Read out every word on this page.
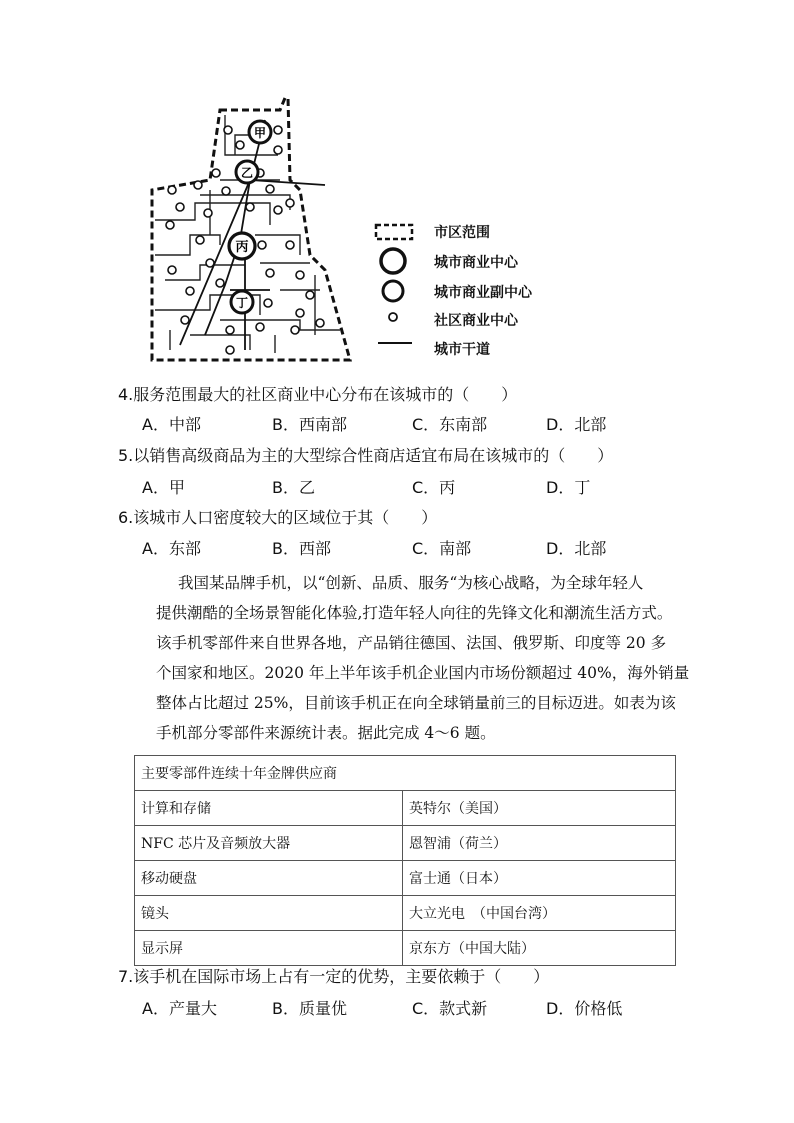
甲
乙
丙
丁
市区范围
城市商业中心
城市商业副中心
社区商业中心
城市干道
4.服务范围最大的社区商业中心分布在该城市的（　　）
A．中部	B．西南部	C．东南部	D．北部
5.以销售高级商品为主的大型综合性商店适宜布局在该城市的（　　）
A．甲	B．乙	C．丙	D．丁
6.该城市人口密度较大的区域位于其（　　）
A．东部	B．西部	C．南部	D．北部
我国某品牌手机，以“创新、品质、服务“为核心战略，为全球年轻人
提供潮酷的全场景智能化体验,打造年轻人向往的先锋文化和潮流生活方式。
该手机零部件来自世界各地，产品销往德国、法国、俄罗斯、印度等 20 多
个国家和地区。2020 年上半年该手机企业国内市场份额超过 40%，海外销量
整体占比超过 25%，目前该手机正在向全球销量前三的目标迈进。如表为该
手机部分零部件来源统计表。据此完成 4～6 题。
主要零部件连续十年金牌供应商	
计算和存储	英特尔（美国）
NFC 芯片及音频放大器	恩智浦（荷兰）
移动硬盘	富士通（日本）
镜头	大立光电　（中国台湾）
显示屏	京东方（中国大陆）
7.该手机在国际市场上占有一定的优势，主要依赖于（　　）
A．产量大	B．质量优	C．款式新	D．价格低
